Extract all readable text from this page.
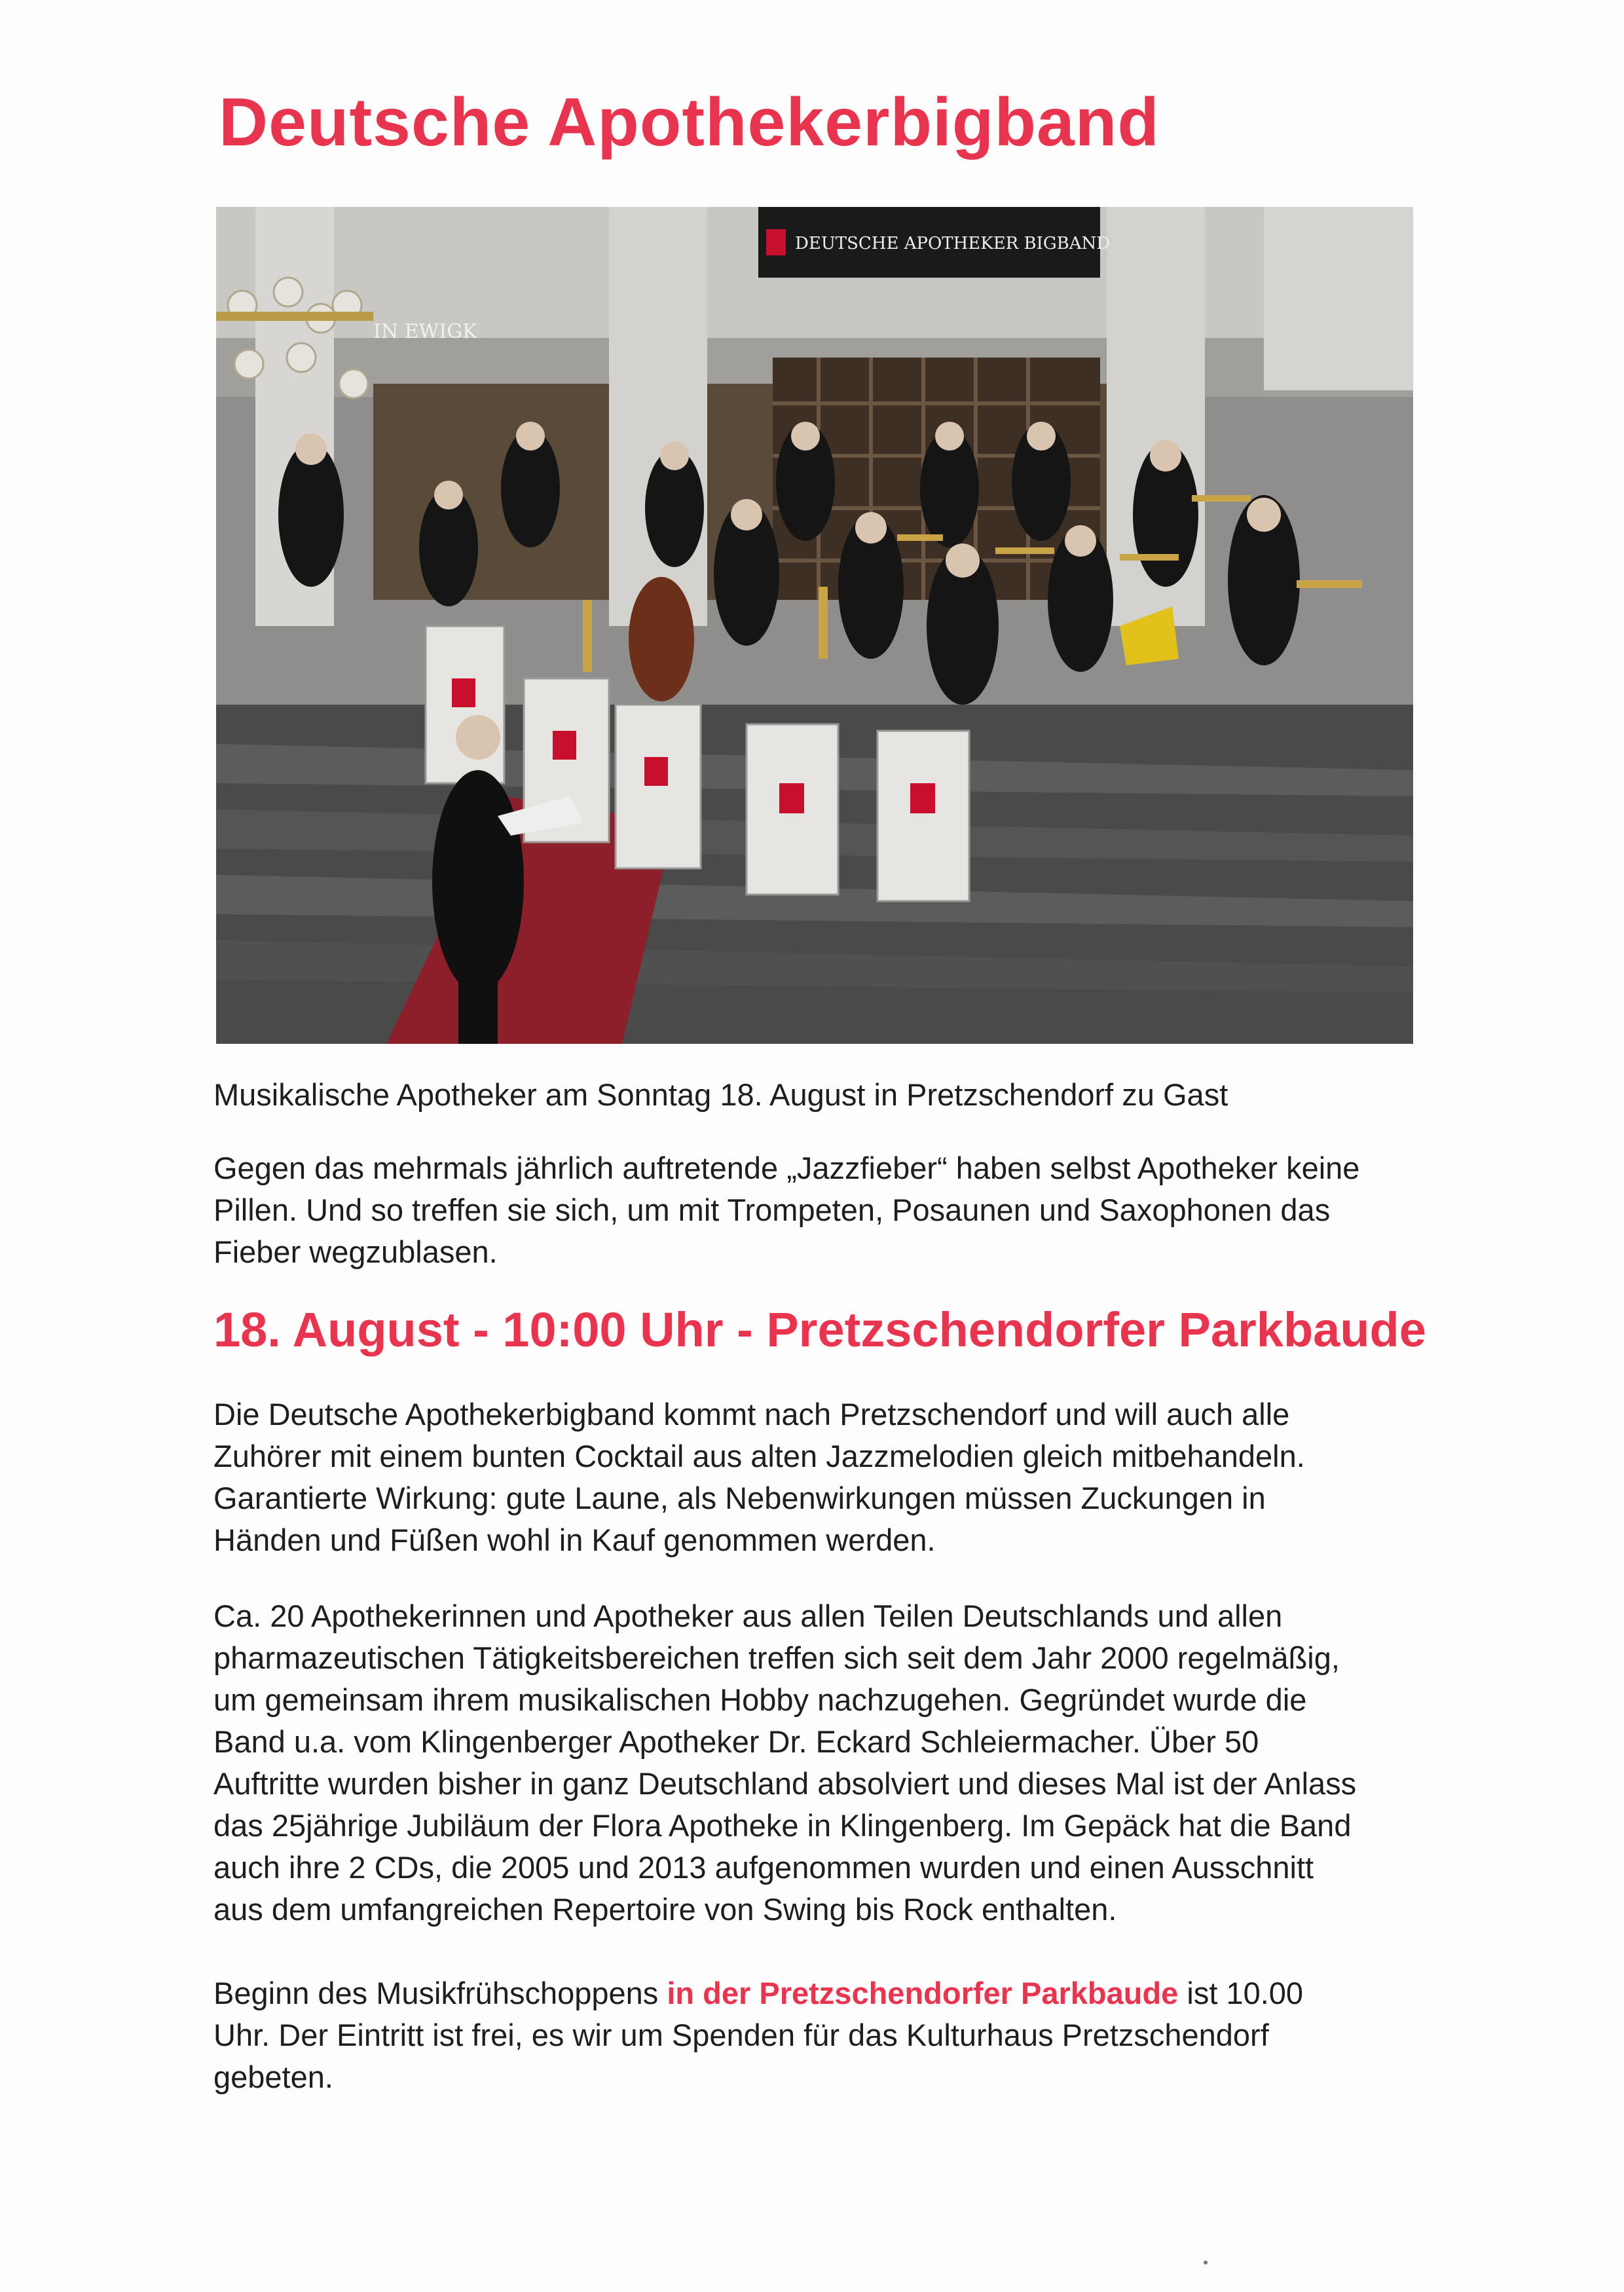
Deutsche Apothekerbigband
IN EWIGK
DEUTSCHE APOTHEKER BIGBAND
Musikalische Apotheker am Sonntag 18. August in Pretzschendorf zu Gast
Gegen das mehrmals jährlich auftretende „Jazzfieber“ haben selbst Apotheker keine
Pillen. Und so treffen sie sich, um mit Trompeten, Posaunen und Saxophonen das
Fieber wegzublasen.
18. August - 10:00 Uhr - Pretzschendorfer Parkbaude
Die Deutsche Apothekerbigband kommt nach Pretzschendorf und will auch alle
Zuhörer mit einem bunten Cocktail aus alten Jazzmelodien gleich mitbehandeln.
Garantierte Wirkung: gute Laune, als Nebenwirkungen müssen Zuckungen in
Händen und Füßen wohl in Kauf genommen werden.
Ca. 20 Apothekerinnen und Apotheker aus allen Teilen Deutschlands und allen
pharmazeutischen Tätigkeitsbereichen treffen sich seit dem Jahr 2000 regelmäßig,
um gemeinsam ihrem musikalischen Hobby nachzugehen. Gegründet wurde die
Band u.a. vom Klingenberger Apotheker Dr. Eckard Schleiermacher. Über 50
Auftritte wurden bisher in ganz Deutschland absolviert und dieses Mal ist der Anlass
das 25jährige Jubiläum der Flora Apotheke in Klingenberg. Im Gepäck hat die Band
auch ihre 2 CDs, die 2005 und 2013 aufgenommen wurden und einen Ausschnitt
aus dem umfangreichen Repertoire von Swing bis Rock enthalten.
Beginn des Musikfrühschoppens in der Pretzschendorfer Parkbaude ist 10.00
Uhr. Der Eintritt ist frei, es wir um Spenden für das Kulturhaus Pretzschendorf
gebeten.
